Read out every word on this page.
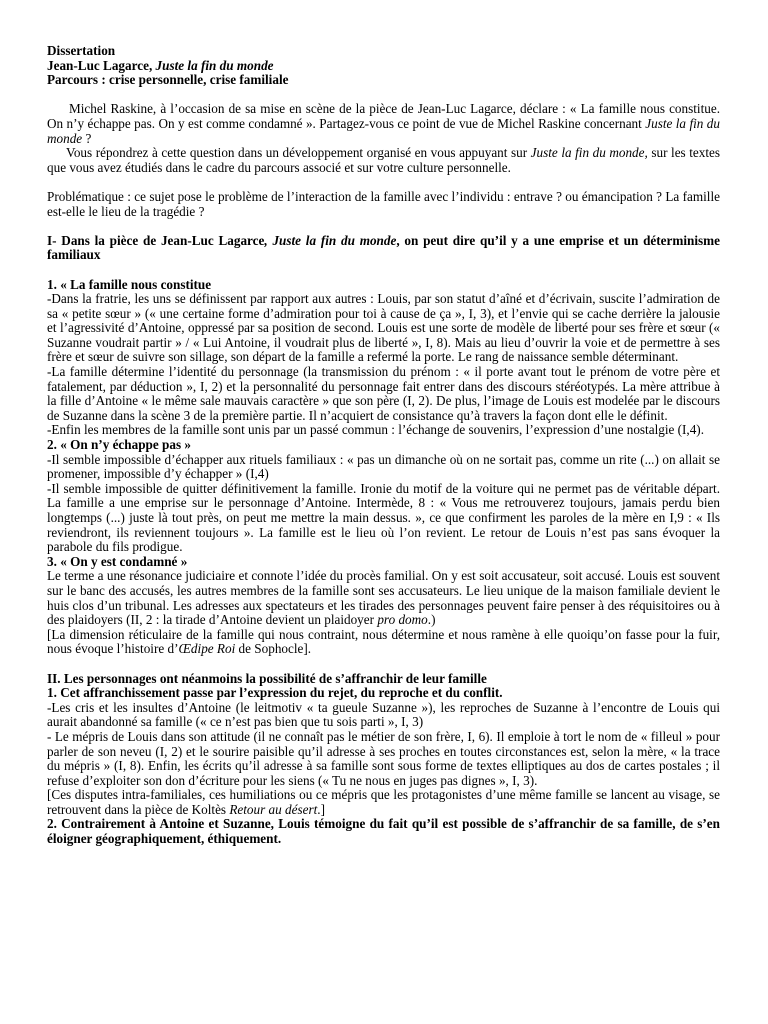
Dissertation

Jean-Luc Lagarce, Juste la fin du monde

Parcours : crise personnelle, crise familiale

Michel Raskine, à l’occasion de sa mise en scène de la pièce de Jean-Luc Lagarce, déclare : « La famille nous constitue. On n’y échappe pas. On y est comme condamné ». Partagez-vous ce point de vue de Michel Raskine concernant Juste la fin du monde ?

Vous répondrez à cette question dans un développement organisé en vous appuyant sur Juste la fin du monde, sur les textes que vous avez étudiés dans le cadre du parcours associé et sur votre culture personnelle.

Problématique : ce sujet pose le problème de l’interaction de la famille avec l’individu : entrave ? ou émancipation ? La famille est-elle le lieu de la tragédie ?

I- Dans la pièce de Jean-Luc Lagarce, Juste la fin du monde, on peut dire qu’il y a une emprise et un déterminisme familiaux

1. « La famille nous constitue

-Dans la fratrie, les uns se définissent par rapport aux autres : Louis, par son statut d’aîné et d’écrivain, suscite l’admiration de sa « petite sœur » (« une certaine forme d’admiration pour toi à cause de ça », I, 3), et l’envie qui se cache derrière la jalousie et l’agressivité d’Antoine, oppressé par sa position de second. Louis est une sorte de modèle de liberté pour ses frère et sœur (« Suzanne voudrait partir » / « Lui Antoine, il voudrait plus de liberté », I, 8). Mais au lieu d’ouvrir la voie et de permettre à ses frère et sœur de suivre son sillage, son départ de la famille a refermé la porte. Le rang de naissance semble déterminant.

-La famille détermine l’identité du personnage (la transmission du prénom : « il porte avant tout le prénom de votre père et fatalement, par déduction », I, 2) et la personnalité du personnage fait entrer dans des discours stéréotypés. La mère attribue à la fille d’Antoine « le même sale mauvais caractère » que son père (I, 2). De plus, l’image de Louis est modelée par le discours de Suzanne dans la scène 3 de la première partie. Il n’acquiert de consistance qu’à travers la façon dont elle le définit.

-Enfin les membres de la famille sont unis par un passé commun : l’échange de souvenirs, l’expression d’une nostalgie (I,4).

2. « On n’y échappe pas »

-Il semble impossible d’échapper aux rituels familiaux : « pas un dimanche où on ne sortait pas, comme un rite (...) on allait se promener, impossible d’y échapper » (I,4)

-Il semble impossible de quitter définitivement la famille. Ironie du motif de la voiture qui ne permet pas de véritable départ. La famille a une emprise sur le personnage d’Antoine. Intermède, 8 : « Vous me retrouverez toujours, jamais perdu bien longtemps (...) juste là tout près, on peut me mettre la main dessus. », ce que confirment les paroles de la mère en I,9 : « Ils reviendront, ils reviennent toujours ». La famille est le lieu où l’on revient. Le retour de Louis n’est pas sans évoquer la parabole du fils prodigue.

3. « On y est condamné »

Le terme a une résonance judiciaire et connote l’idée du procès familial. On y est soit accusateur, soit accusé. Louis est souvent sur le banc des accusés, les autres membres de la famille sont ses accusateurs. Le lieu unique de la maison familiale devient le huis clos d’un tribunal. Les adresses aux spectateurs et les tirades des personnages peuvent faire penser à des réquisitoires ou à des plaidoyers (II, 2 : la tirade d’Antoine devient un plaidoyer pro domo.)

[La dimension réticulaire de la famille qui nous contraint, nous détermine et nous ramène à elle quoiqu’on fasse pour la fuir, nous évoque l’histoire d’Œdipe Roi de Sophocle].

II. Les personnages ont néanmoins la possibilité de s’affranchir de leur famille

1. Cet affranchissement passe par l’expression du rejet, du reproche et du conflit.

-Les cris et les insultes d’Antoine (le leitmotiv « ta gueule Suzanne »), les reproches de Suzanne à l’encontre de Louis qui aurait abandonné sa famille (« ce n’est pas bien que tu sois parti », I, 3)

- Le mépris de Louis dans son attitude (il ne connaît pas le métier de son frère, I, 6). Il emploie à tort le nom de « filleul » pour parler de son neveu (I, 2) et le sourire paisible qu’il adresse à ses proches en toutes circonstances est, selon la mère, « la trace du mépris » (I, 8). Enfin, les écrits qu’il adresse à sa famille sont sous forme de textes elliptiques au dos de cartes postales ; il refuse d’exploiter son don d’écriture pour les siens (« Tu ne nous en juges pas dignes », I, 3).

[Ces disputes intra-familiales, ces humiliations ou ce mépris que les protagonistes d’une même famille se lancent au visage, se retrouvent dans la pièce de Koltès Retour au désert.]

2. Contrairement à Antoine et Suzanne, Louis témoigne du fait qu’il est possible de s’affranchir de sa famille, de s’en éloigner géographiquement, éthiquement.
